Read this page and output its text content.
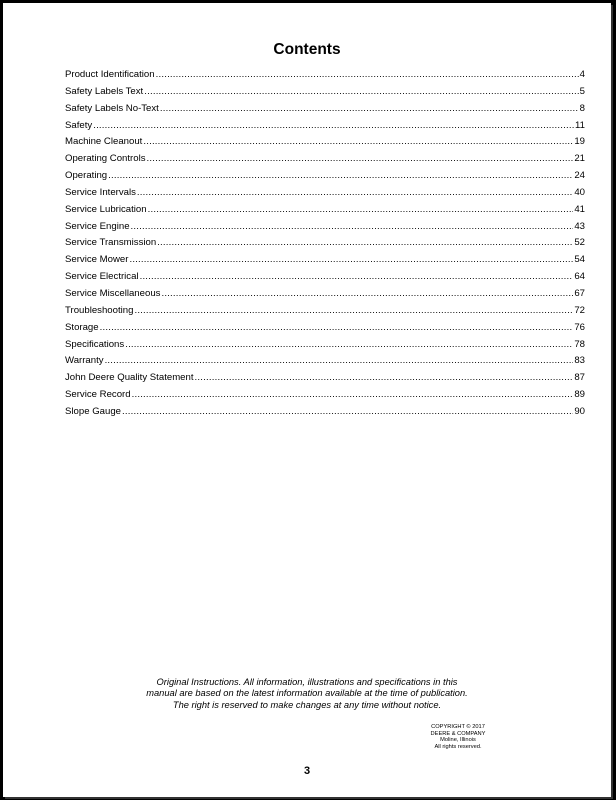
Contents
Product Identification .....	4
Safety Labels Text .....	5
Safety Labels No-Text .....	8
Safety .....	11
Machine Cleanout .....	19
Operating Controls .....	21
Operating .....	24
Service Intervals .....	40
Service Lubrication .....	41
Service Engine .....	43
Service Transmission .....	52
Service Mower .....	54
Service Electrical .....	64
Service Miscellaneous .....	67
Troubleshooting .....	72
Storage .....	76
Specifications .....	78
Warranty .....	83
John Deere Quality Statement .....	87
Service Record .....	89
Slope Gauge .....	90
Original Instructions. All information, illustrations and specifications in this
manual are based on the latest information available at the time of publication.
The right is reserved to make changes at any time without notice.
COPYRIGHT © 2017
DEERE & COMPANY
Moline, Illinois
All rights reserved.
3
